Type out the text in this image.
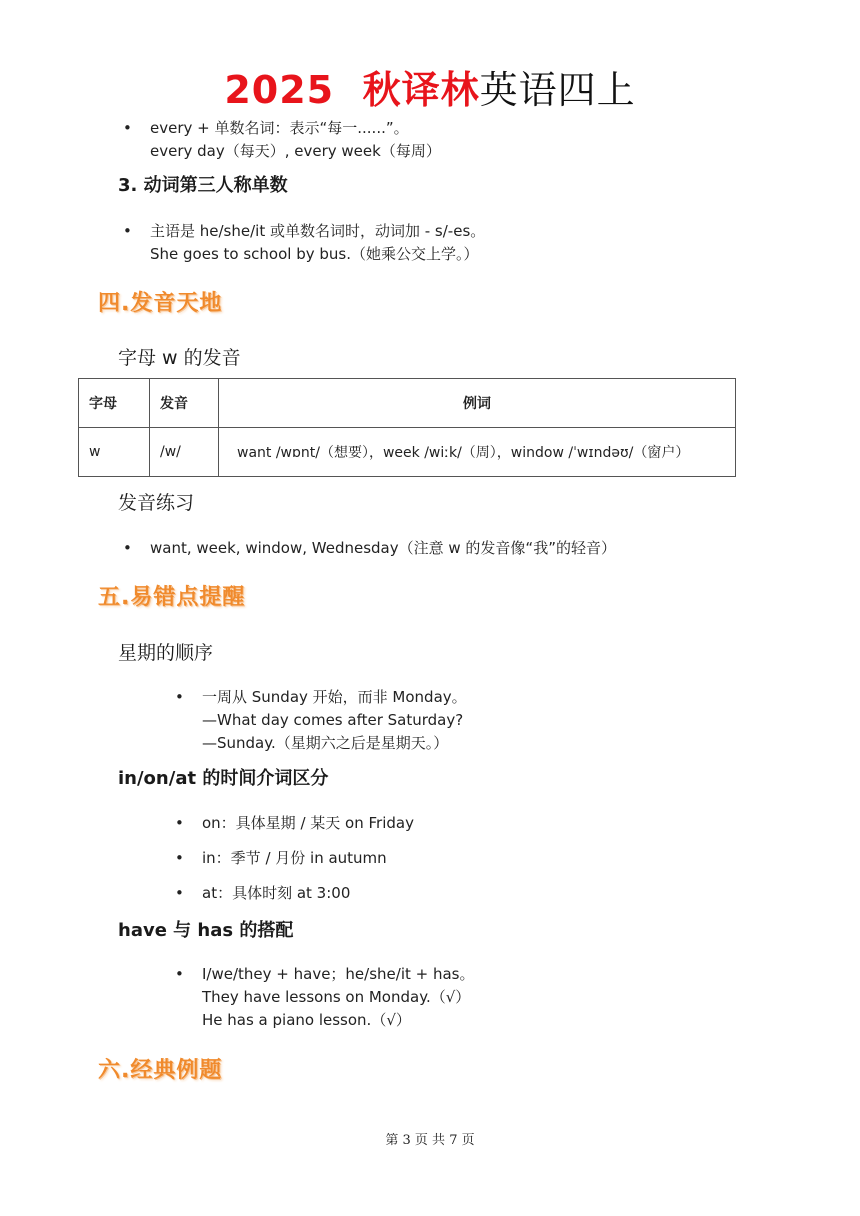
2025 秋译林英语四上
• every + 单数名词：表示“每一......”。
every day（每天）, every week（每周）
3. 动词第三人称单数
• 主语是 he/she/it 或单数名词时，动词加 - s/-es。
She goes to school by bus.（她乘公交上学。）
四.发音天地
字母 w 的发音
字母	发音	例词
w	/w/	want /wɒnt/（想要），week /wiːk/（周），window /ˈwɪndəʊ/（窗户）
发音练习
• want, week, window, Wednesday（注意 w 的发音像“我”的轻音）
五.易错点提醒
星期的顺序
• 一周从 Sunday 开始，而非 Monday。
—What day comes after Saturday?
—Sunday.（星期六之后是星期天。）
in/on/at 的时间介词区分
• on：具体星期 / 某天 on Friday
• in：季节 / 月份 in autumn
• at：具体时刻 at 3:00
have 与 has 的搭配
• I/we/they + have；he/she/it + has。
They have lessons on Monday.（√）
He has a piano lesson.（√）
六.经典例题
第 3 页 共 7 页
